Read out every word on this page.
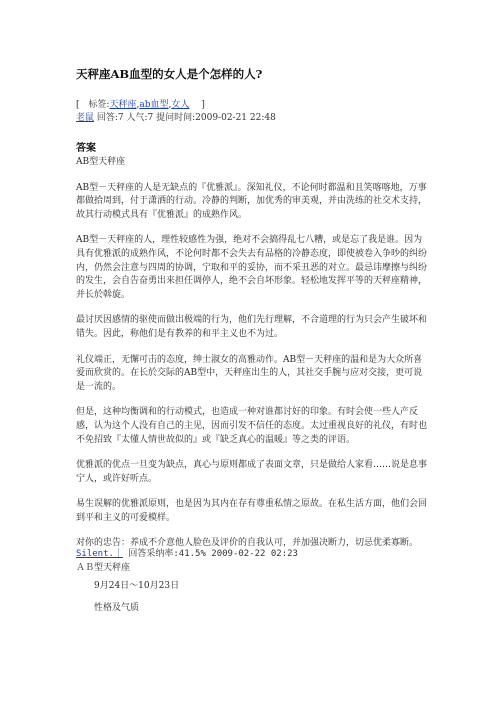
天秤座AB血型的女人是个怎样的人?
[ 标签:天秤座,ab血型,女人 ]
老鼠 回答:7 人气:7 提问时间:2009-02-21 22:48
答案

AB型天秤座

AB型－天秤座的人是无缺点的『优雅派』。深知礼仪，不论何时都温和且笑喀喀地，万事都做拾周到，付于潇洒的行动。冷静的判断，加优秀的审美观，并由洗练的社交术支持，故其行动模式具有『优雅派』的成熟作风。

AB型－天秤座的人，理性较感性为强，绝对不会搞得乱七八糟，或是忘了我是谁。因为具有优雅派的成熟作风，不论何时都不会失去有品格的冷静态度，即使被卷入争吵的纠纷内，仍然会注意与四周的协调，宁取和平的妥协，而不采丑恶的对立。最忌讳摩擦与纠纷的发生，会自告奋勇出来担任调停人，绝不会自坏形象。轻松地发挥平等的天秤座精神，并长於斡旋。

最讨厌因感情的驱使而做出极端的行为，他们先行理解，不合道理的行为只会产生破坏和错失。因此，称他们是有教养的和平主义也不为过。

礼仪端正，无懈可击的态度，绅士淑女的高雅动作。AB型－天秤座的温和是为大众所喜爱而欣赏的。在长於交际的AB型中，天秤座出生的人，其社交手腕与应对交接，更可说是一流的。

但是，这种均衡调和的行动模式，也造成一种对谁都讨好的印象。有时会使一些人产反感，认为这个人没有自己的主见，因而引发不信任的态度。太过重视良好的礼仪，有时也不免招致『太懂人情世故似的』或『缺乏真心的温暖』等之类的评语。

优雅派的优点一旦变为缺点，真心与原则都成了表面文章，只是做给人家看……说是息事宁人，或许好听点。

易生误解的优雅派原则，也是因为其内在存有尊重私情之原故。在私生活方面，他们会回到平和主义的可爱模样。

对你的忠告：养成不介意他人脸色及评价的自我认可，并加强决断力，切忌优柔寡断。

Silent.｜ 回答采纳率:41.5% 2009-02-22 02:23
ＡＢ型天秤座
9月24日～10月23日
性格及气质
